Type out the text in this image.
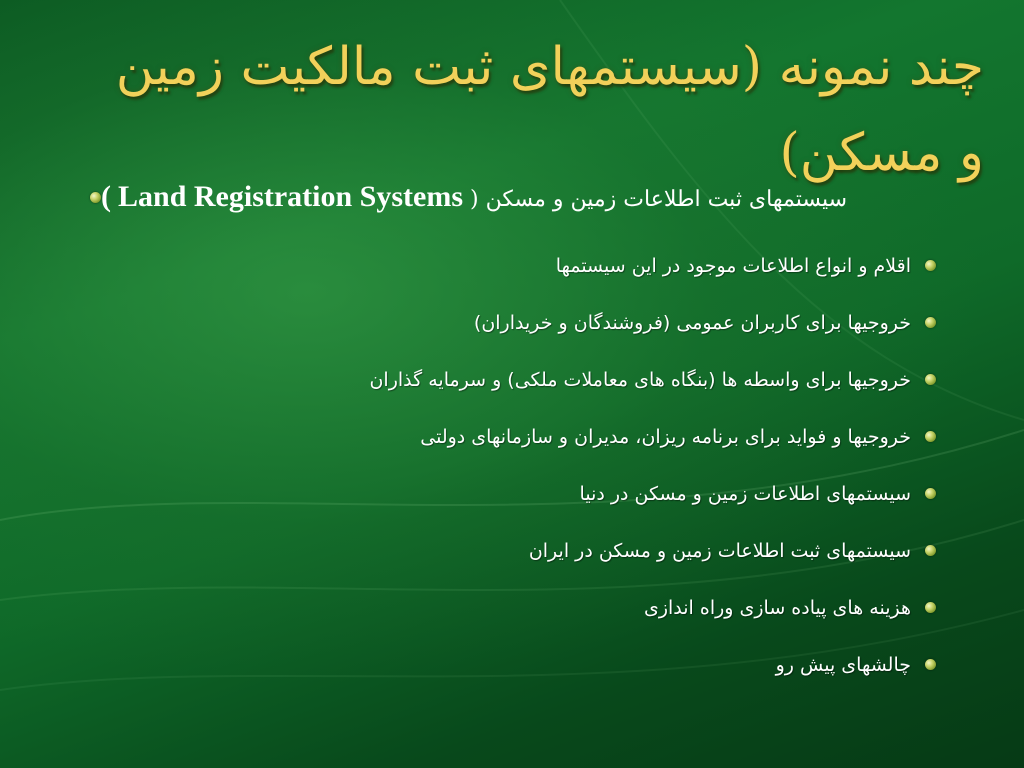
چند نمونه (سیستمهای ثبت مالکیت زمین و مسکن)
سیستمهای ثبت اطلاعات زمین و مسکن ( Land Registration Systems )
اقلام و انواع اطلاعات موجود در این سیستمها
خروجیها برای کاربران عمومی (فروشندگان و خریداران)
خروجیها برای واسطه ها (بنگاه های معاملات ملکی) و سرمایه گذاران
خروجیها و فواید برای برنامه ریزان، مدیران و سازمانهای دولتی
سیستمهای اطلاعات زمین و مسکن در دنیا
سیستمهای ثبت اطلاعات زمین و مسکن در ایران
هزینه های پیاده سازی وراه اندازی
چالشهای پیش رو
